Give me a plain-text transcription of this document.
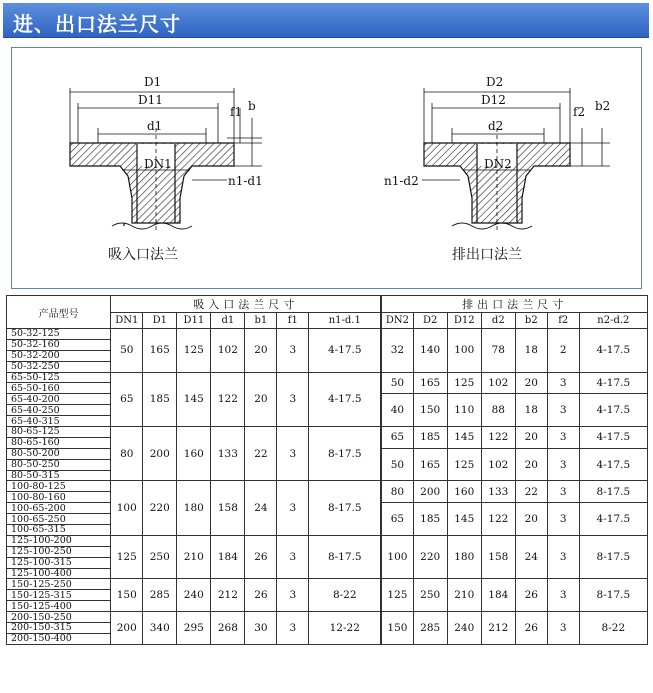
进、出口法兰尺寸
D1
D11
d1
DN1
f1 b
n1-d1
D2
D12
d2
DN2
f2 b2
n1-d2
吸入口法兰	排出口法兰
产品型号	吸入口法兰尺寸							排出口法兰尺寸						
	DN1	D1	D11	d1	b1	f1	n1-d.1	DN2	D2	D12	d2	b2	f2	n2-d.2
50-32-125	50	165	125	102	20	3	4-17.5	32	140	100	78	18	2	4-17.5
50-32-160														
50-32-200														
50-32-250														
65-50-125	65	185	145	122	20	3	4-17.5	50	165	125	102	20	3	4-17.5
65-50-160														
65-40-200								40	150	110	88	18	3	4-17.5
65-40-250														
65-40-315														
80-65-125	80	200	160	133	22	3	8-17.5	65	185	145	122	20	3	4-17.5
80-65-160														
80-50-200								50	165	125	102	20	3	4-17.5
80-50-250														
80-50-315														
100-80-125	100	220	180	158	24	3	8-17.5	80	200	160	133	22	3	8-17.5
100-80-160														
100-65-200								65	185	145	122	20	3	4-17.5
100-65-250														
100-65-315														
125-100-200	125	250	210	184	26	3	8-17.5	100	220	180	158	24	3	8-17.5
125-100-250														
125-100-315														
125-100-400														
150-125-250	150	285	240	212	26	3	8-22	125	250	210	184	26	3	8-17.5
150-125-315														
150-125-400														
200-150-250	200	340	295	268	30	3	12-22	150	285	240	212	26	3	8-22
200-150-315														
200-150-400														
